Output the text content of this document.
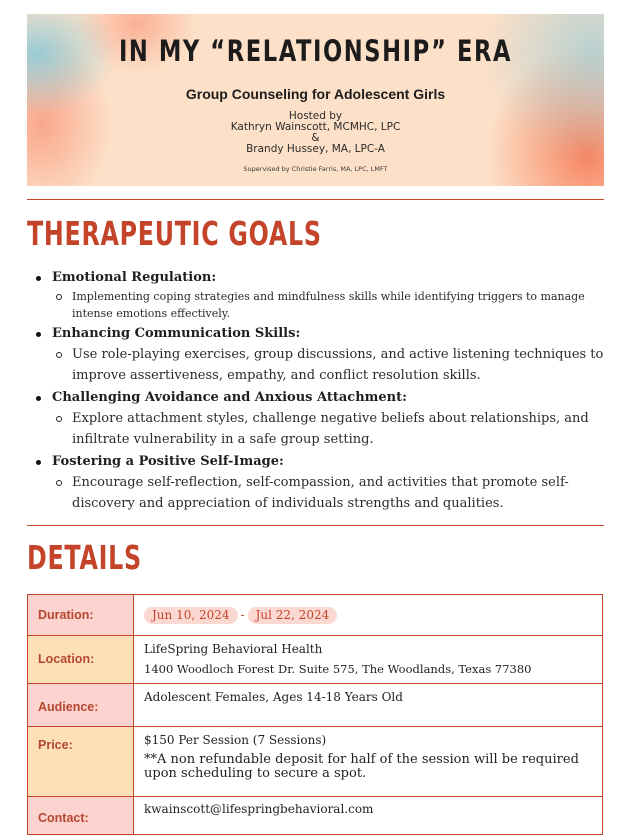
IN MY “RELATIONSHIP” ERA
Group Counseling for Adolescent Girls
Hosted by
Kathryn Wainscott, MCMHC, LPC
&
Brandy Hussey, MA, LPC-A
Supervised by Christie Farris, MA, LPC, LMFT
THERAPEUTIC GOALS
Emotional Regulation:
Implementing coping strategies and mindfulness skills while identifying triggers to manage intense emotions effectively.
Enhancing Communication Skills:
Use role-playing exercises, group discussions, and active listening techniques to improve assertiveness, empathy, and conflict resolution skills.
Challenging Avoidance and Anxious Attachment:
Explore attachment styles, challenge negative beliefs about relationships, and infiltrate vulnerability in a safe group setting.
Fostering a Positive Self-Image:
Encourage self-reflection, self-compassion, and activities that promote self-discovery and appreciation of individuals strengths and qualities.
DETAILS
Duration:	Jun 10, 2024 - Jul 22, 2024
Location:	LifeSpring Behavioral Health
1400 Woodloch Forest Dr. Suite 575, The Woodlands, Texas 77380

Audience:	Adolescent Females, Ages 14-18 Years Old
Price:	$150 Per Session (7 Sessions)
**A non refundable deposit for half of the session will be required upon scheduling to secure a spot.

Contact:	kwainscott@lifespringbehavioral.com
